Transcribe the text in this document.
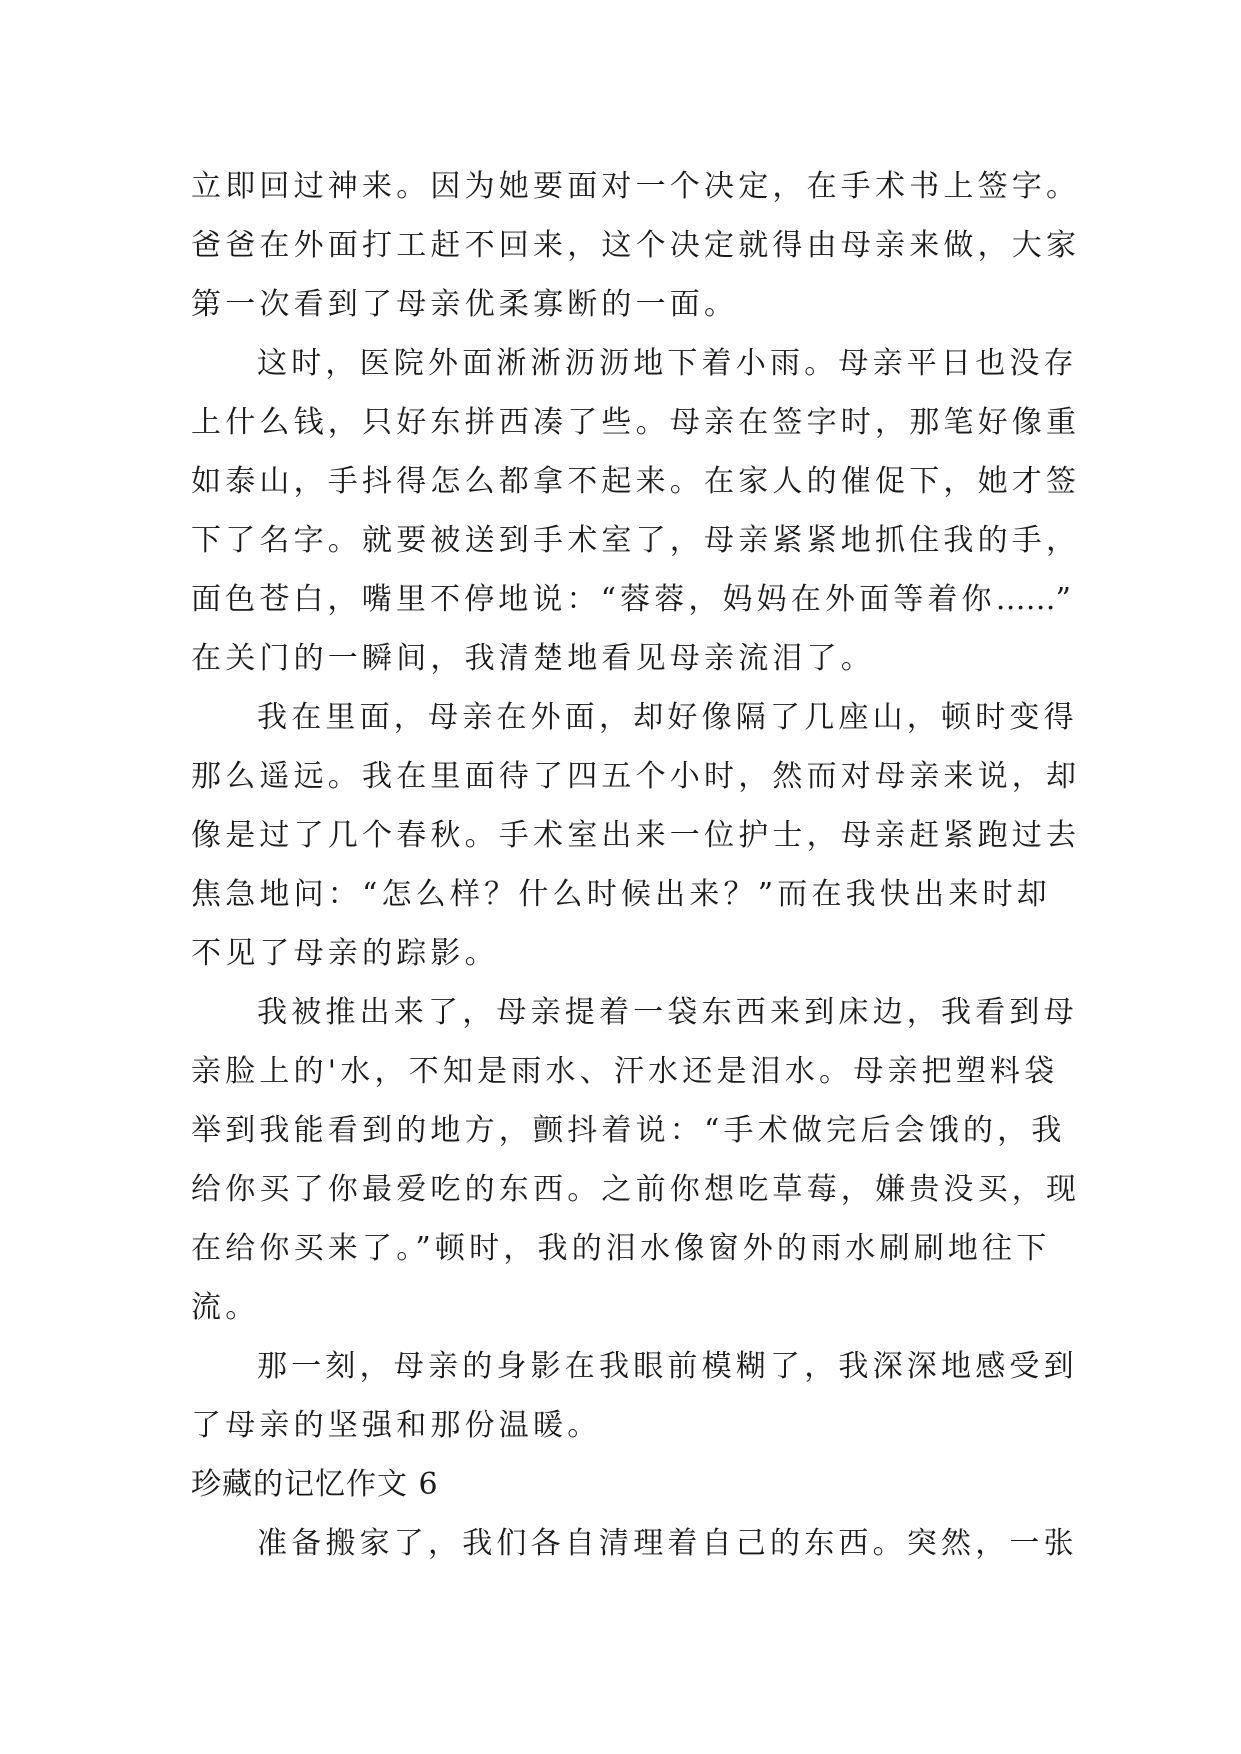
立即回过神来。因为她要面对一个决定，在手术书上签字。
爸爸在外面打工赶不回来，这个决定就得由母亲来做，大家
第一次看到了母亲优柔寡断的一面。
这时，医院外面淅淅沥沥地下着小雨。母亲平日也没存
上什么钱，只好东拼西凑了些。母亲在签字时，那笔好像重
如泰山，手抖得怎么都拿不起来。在家人的催促下，她才签
下了名字。就要被送到手术室了，母亲紧紧地抓住我的手，
面色苍白，嘴里不停地说：“蓉蓉，妈妈在外面等着你……”
在关门的一瞬间，我清楚地看见母亲流泪了。
我在里面，母亲在外面，却好像隔了几座山，顿时变得
那么遥远。我在里面待了四五个小时，然而对母亲来说，却
像是过了几个春秋。手术室出来一位护士，母亲赶紧跑过去
焦急地问：“怎么样？什么时候出来？”而在我快出来时却
不见了母亲的踪影。
我被推出来了，母亲提着一袋东西来到床边，我看到母
亲脸上的'水，不知是雨水、汗水还是泪水。母亲把塑料袋
举到我能看到的地方，颤抖着说：“手术做完后会饿的，我
给你买了你最爱吃的东西。之前你想吃草莓，嫌贵没买，现
在给你买来了。”顿时，我的泪水像窗外的雨水刷刷地往下
流。
那一刻，母亲的身影在我眼前模糊了，我深深地感受到
了母亲的坚强和那份温暖。
珍藏的记忆作文 6
准备搬家了，我们各自清理着自己的东西。突然，一张
